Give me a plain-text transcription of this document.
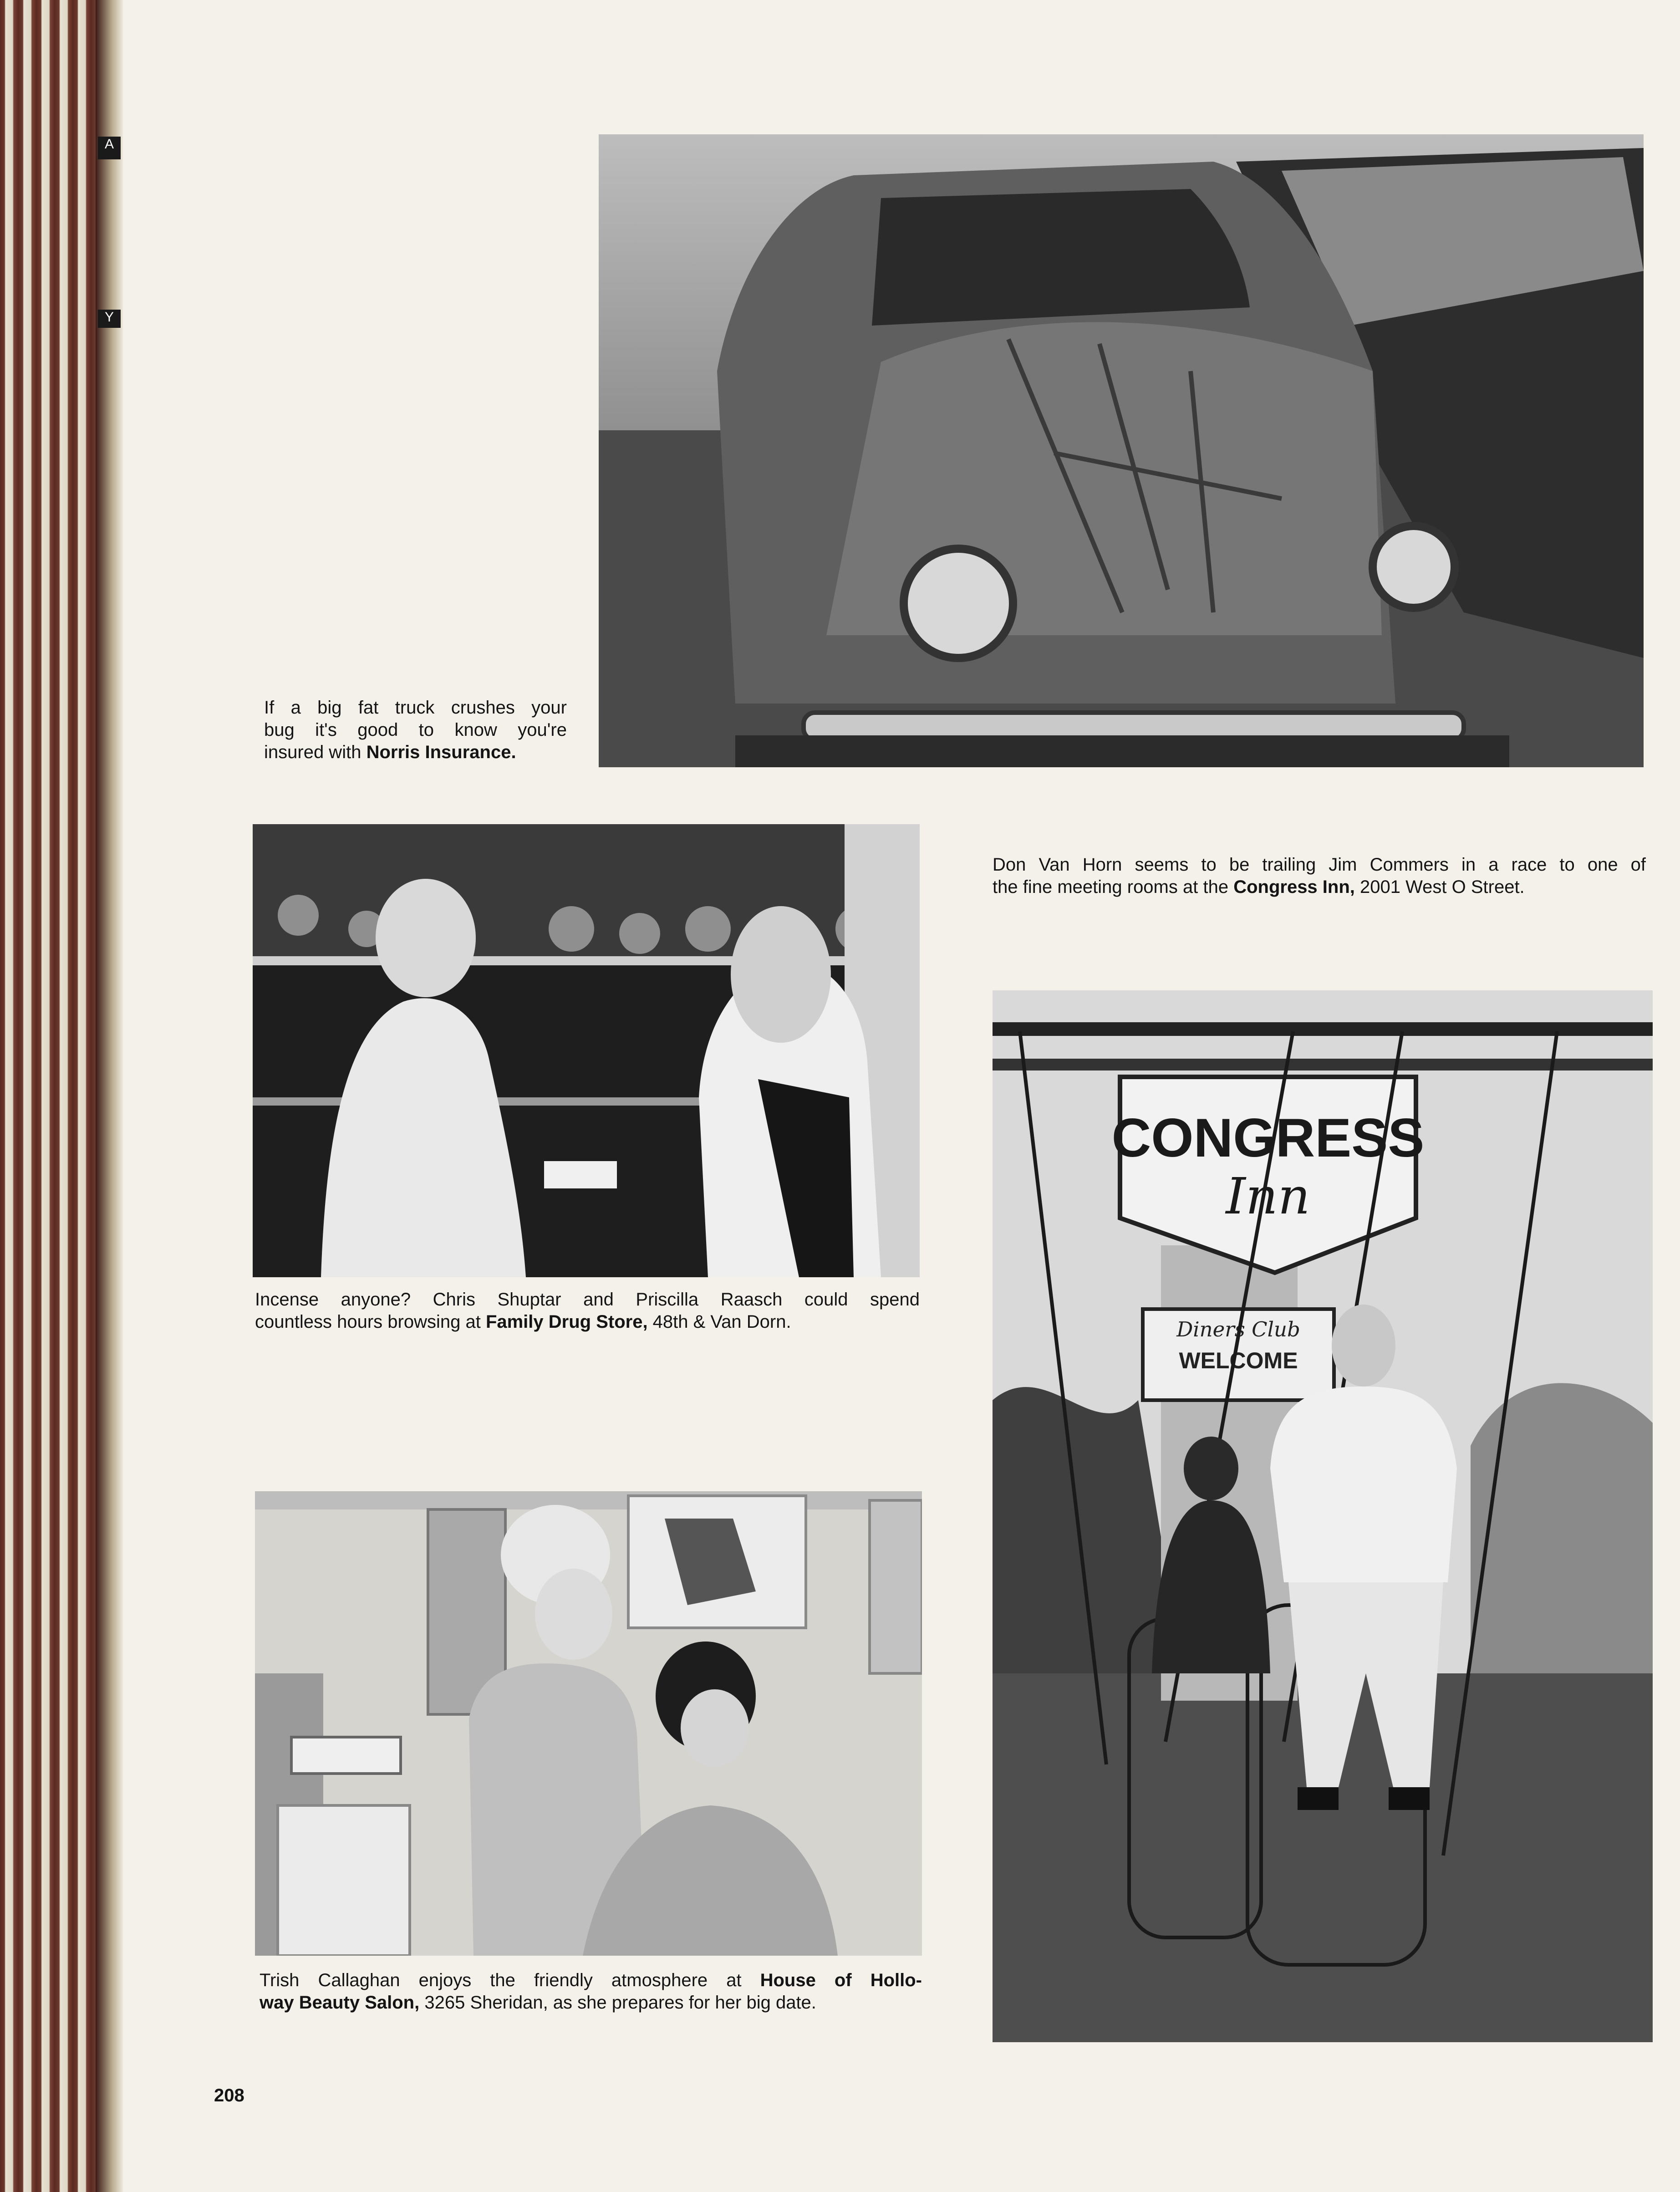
A
Y
If a big fat truck crushes your
bug it's good to know you're
insured with Norris Insurance.
Incense anyone? Chris Shuptar and Priscilla Raasch could spend
countless hours browsing at Family Drug Store, 48th & Van Dorn.
Trish Callaghan enjoys the friendly atmosphere at House of Hollo-
way Beauty Salon, 3265 Sheridan, as she prepares for her big date.
Don Van Horn seems to be trailing Jim Commers in a race to one of
the fine meeting rooms at the Congress Inn, 2001 West O Street.
CONGRESS
Inn
Diners Club
WELCOME
208
